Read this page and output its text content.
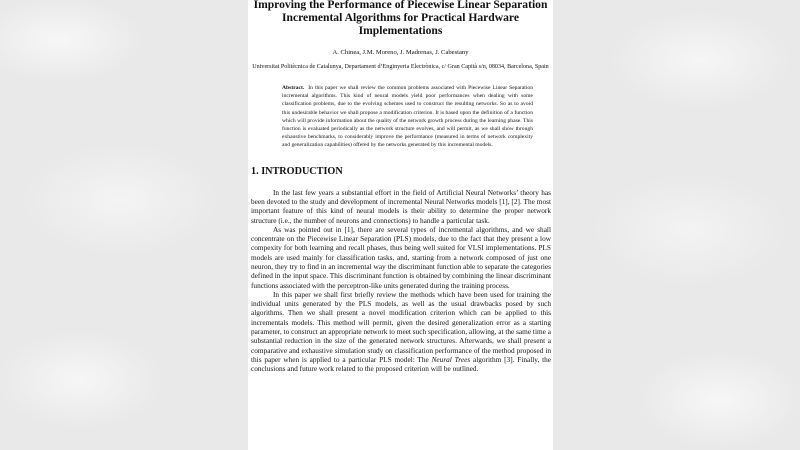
Improving the Performance of Piecewise Linear Separation
Incremental Algorithms for Practical Hardware Implementations
A. Chinea, J.M. Moreno, J. Madrenas, J. Cabestany
Universitat Politècnica de Catalunya, Departament d’Enginyeria Electrònica, c/ Gran Capità s/n, 08034, Barcelona, Spain
Abstract. In this paper we shall review the common problems associated with Piecewise Linear Separation incremental algorithms. This kind of neural models yield poor performances when dealing with some classification problems, due to the evolving schemes used to construct the resulting networks. So as to avoid this undesirable behavior we shall propose a modification criterion. It is based upon the definition of a function which will provide information about the quality of the network growth process during the learning phase. This function is evaluated periodically as the network structure evolves, and will permit, as we shall show through exhaustive benchmarks, to considerably improve the performance (measured in terms of network complexity and generalization capabilities) offered by the networks generated by this incremental models.
1. INTRODUCTION

In the last few years a substantial effort in the field of Artificial Neural Networks’ theory has been devoted to the study and development of incremental Neural Networks models [1], [2]. The most important feature of this kind of neural models is their ability to determine the proper network structure (i.e., the number of neurons and connections) to handle a particular task.

As was pointed out in [1], there are several types of incremental algorithms, and we shall concentrate on the Piecewise Linear Separation (PLS) models, due to the fact that they present a low compexity for both learning and recall phases, thus being well suited for VLSI implementations. PLS models are used mainly for classification tasks, and, starting from a network composed of just one neuron, they try to find in an incremental way the discriminant function able to separate the categories defined in the input space. This discriminant function is obtained by combining the linear discriminant functions associated with the perceptron-like units generated during the training process.

In this paper we shall first briefly review the methods which have been used for training the individual units generated by the PLS models, as well as the usual drawbacks posed by such algorithms. Then we shall present a novel modification criterion which can be applied to this incrementals models. This method will permit, given the desired generalization error as a starting parameter, to construct an appropriate network to meet such specification, allowing, at the same time a substantial reduction in the size of the generated network structures. Afterwards, we shall present a comparative and exhaustive simulation study on classification performance of the method proposed in this paper when is applied to a particular PLS model: The Neural Trees algorithm [3]. Finally, the conclusions and future work related to the proposed criterion will be outlined.
